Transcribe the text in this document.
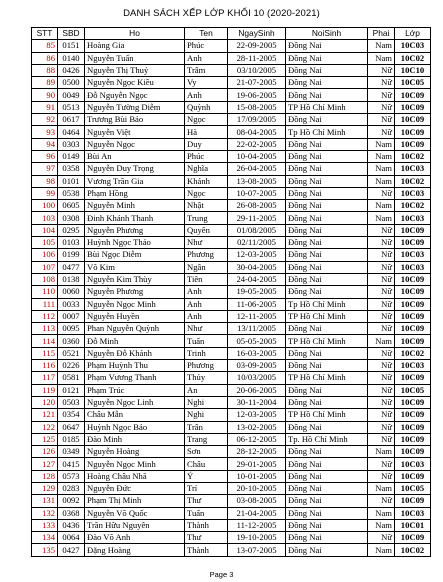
DANH SÁCH XẾP LỚP KHỐI 10 (2020-2021)
STT	SBD	Ho	Ten	NgaySinh	NoiSinh	Phai	Lớp
85	0151	Hoàng Gia	Phúc	22-09-2005	Đồng Nai	Nam	10C03
86	0140	Nguyễn Tuấn	Anh	28-11-2005	Đồng Nai	Nam	10C02
88	0426	Nguyễn Thị Thuỷ	Trâm	03/10/2005	Đồng Nai	Nữ	10C10
89	0500	Nguyễn Ngọc Kiều	Vy	21-07-2005	Đồng Nai	Nữ	10C05
90	0049	Đỗ Nguyễn Ngọc	Anh	19-06-2005	Đồng Nai	Nữ	10C09
91	0513	Nguyễn Tường Diễm	Quỳnh	15-08-2005	TP Hồ Chí Minh	Nữ	10C09
92	0617	Trương Bùi Bảo	Ngọc	17/09/2005	Đồng Nai	Nữ	10C09
93	0464	Nguyễn Việt	Hà	08-04-2005	Tp Hồ Chí Minh	Nữ	10C09
94	0303	Nguyễn Ngọc	Duy	22-02-2005	Đồng Nai	Nam	10C09
96	0149	Bùi An	Phúc	10-04-2005	Đồng Nai	Nam	10C02
97	0358	Nguyễn Duy Trọng	Nghĩa	26-04-2005	Đồng Nai	Nam	10C03
98	0101	Vương Trần Gia	Khánh	13-08-2005	Đồng Nai	Nam	10C02
99	0538	Phạm Hồng	Ngọc	10-07-2005	Đồng Nai	Nữ	10C03
100	0605	Nguyễn Minh	Nhật	26-08-2005	Đồng Nai	Nam	10C02
103	0308	Đinh Khánh Thanh	Trung	29-11-2005	Đồng Nai	Nam	10C03
104	0295	Nguyễn Phương	Quyên	01/08/2005	Đồng Nai	Nữ	10C09
105	0103	Huỳnh Ngọc Thảo	Như	02/11/2005	Đồng Nai	Nữ	10C09
106	0199	Bùi Ngọc Diễm	Phương	12-03-2005	Đồng Nai	Nữ	10C03
107	0477	Võ Kim	Ngân	30-04-2005	Đồng Nai	Nữ	10C03
108	0138	Nguyễn Kim Thùy	Tiên	24-04-2005	Đồng Nai	Nữ	10C09
110	0060	Nguyễn Phương	Anh	19-05-2005	Đồng Nai	Nữ	10C09
111	0033	Nguyễn Ngọc Minh	Anh	11-06-2005	Tp Hồ Chí Minh	Nữ	10C09
112	0007	Nguyễn Huyền	Anh	12-11-2005	TP Hồ Chí Minh	Nữ	10C09
113	0095	Phan Nguyễn Quỳnh	Như	13/11/2005	Đồng Nai	Nữ	10C09
114	0360	Đỗ Minh	Tuấn	05-05-2005	TP Hồ Chí Minh	Nam	10C09
115	0521	Nguyễn Đỗ Khánh	Trinh	16-03-2005	Đồng Nai	Nữ	10C02
116	0226	Phạm Huỳnh Thu	Phương	03-09-2005	Đồng Nai	Nữ	10C03
117	0581	Phạm Vương Thanh	Thủy	10/03/2005	TP Hồ Chí Minh	Nữ	10C09
119	0121	Phạm Trúc	An	20-06-2005	Đồng Nai	Nữ	10C05
120	0503	Nguyễn Ngọc Linh	Nghi	30-11-2004	Đồng Nai	Nữ	10C09
121	0354	Châu Mẫn	Nghi	12-03-2005	TP Hồ Chí Minh	Nữ	10C09
122	0647	Huỳnh Ngọc Bảo	Trân	13-02-2005	Đồng Nai	Nữ	10C09
125	0185	Đào Minh	Trang	06-12-2005	Tp. Hồ Chí Minh	Nữ	10C09
126	0349	Nguyễn Hoàng	Sơn	28-12-2005	Đồng Nai	Nam	10C09
127	0415	Nguyễn Ngọc Minh	Châu	29-01-2005	Đồng Nai	Nữ	10C03
128	0573	Hoàng Châu Nhã	Ý	10-01-2005	Đồng Nai	Nữ	10C09
129	0283	Nguyễn Đức	Trí	20-10-2005	Đồng Nai	Nam	10C05
131	0092	Phạm Thị Minh	Thư	03-08-2005	Đồng Nai	Nữ	10C09
132	0368	Nguyễn Võ Quốc	Tuấn	21-04-2005	Đồng Nai	Nam	10C03
133	0436	Trần Hữu Nguyên	Thành	11-12-2005	Đồng Nai	Nam	10C01
134	0064	Đào Võ Anh	Thư	19-10-2005	Đồng Nai	Nữ	10C09
135	0427	Đặng Hoàng	Thành	13-07-2005	Đồng Nai	Nam	10C02
Page 3
